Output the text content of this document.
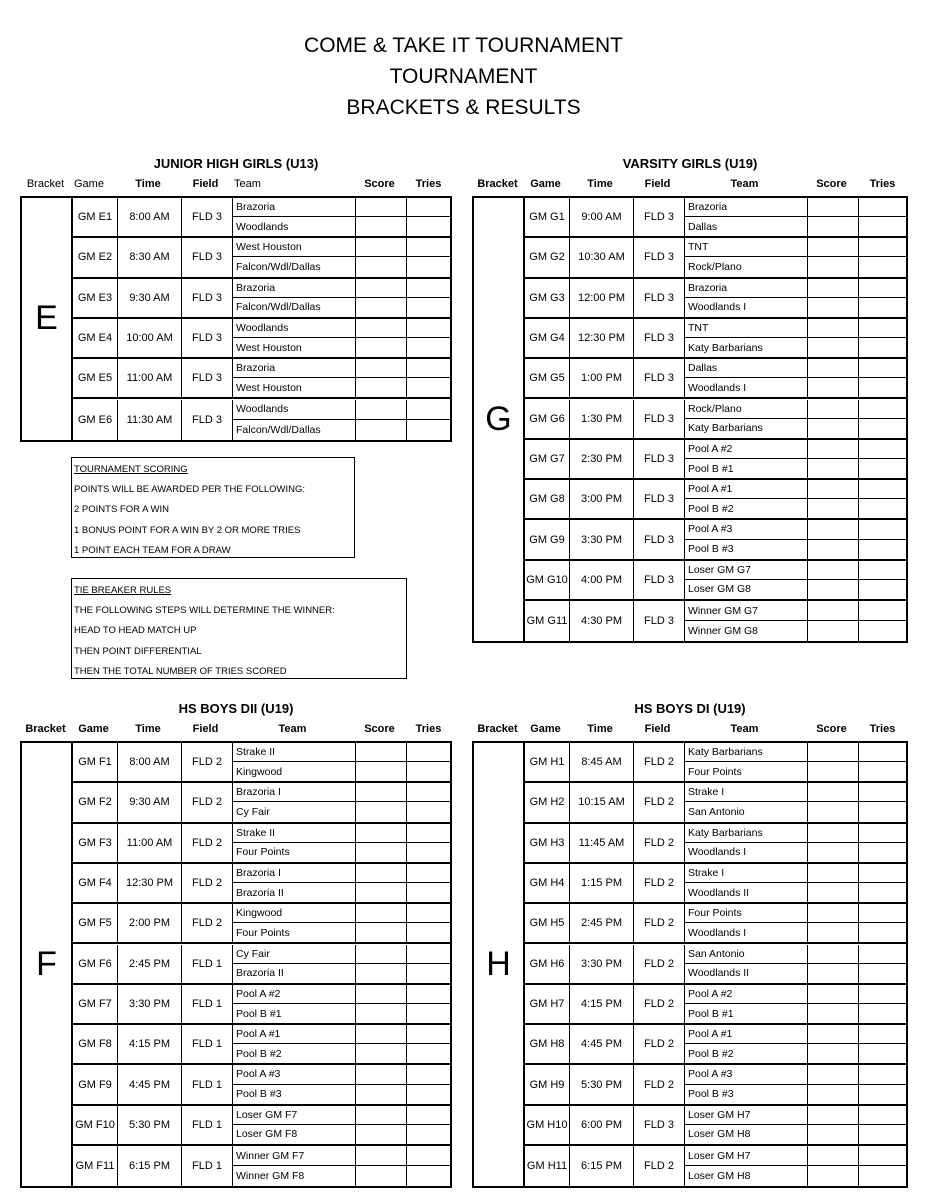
COME & TAKE IT TOURNAMENT
TOURNAMENT
BRACKETS & RESULTS
JUNIOR HIGH GIRLS (U13)
Bracket Game	Time	Field	Team	Score	Tries
E
GM E1	8:00 AM	FLD 3
Brazoria
Woodlands
GM E2	8:30 AM	FLD 3
West Houston
Falcon/Wdl/Dallas
GM E3	9:30 AM	FLD 3
Brazoria
Falcon/Wdl/Dallas
GM E4	10:00 AM	FLD 3
Woodlands
West Houston
GM E5	11:00 AM	FLD 3
Brazoria
West Houston
GM E6	11:30 AM	FLD 3
Woodlands
Falcon/Wdl/Dallas
VARSITY GIRLS (U19)
Bracket	Game	Time	Field	Team	Score	Tries
G
GM G1	9:00 AM	FLD 3
Brazoria
Dallas
GM G2	10:30 AM	FLD 3
TNT
Rock/Plano
GM G3	12:00 PM	FLD 3
Brazoria
Woodlands I
GM G4	12:30 PM	FLD 3
TNT
Katy Barbarians
GM G5	1:00 PM	FLD 3
Dallas
Woodlands I
GM G6	1:30 PM	FLD 3
Rock/Plano
Katy Barbarians
GM G7	2:30 PM	FLD 3
Pool A #2
Pool B #1
GM G8	3:00 PM	FLD 3
Pool A #1
Pool B #2
GM G9	3:30 PM	FLD 3
Pool A #3
Pool B #3
GM G10	4:00 PM	FLD 3
Loser GM G7
Loser GM G8
GM G11	4:30 PM	FLD 3
Winner GM G7
Winner GM G8
HS BOYS DII (U19)
Bracket	Game	Time	Field	Team	Score	Tries
F
GM F1	8:00 AM	FLD 2
Strake II
Kingwood
GM F2	9:30 AM	FLD 2
Brazoria I
Cy Fair
GM F3	11:00 AM	FLD 2
Strake II
Four Points
GM F4	12:30 PM	FLD 2
Brazoria I
Brazoria II
GM F5	2:00 PM	FLD 2
Kingwood
Four Points
GM F6	2:45 PM	FLD 1
Cy Fair
Brazoria II
GM F7	3:30 PM	FLD 1
Pool A #2
Pool B #1
GM F8	4:15 PM	FLD 1
Pool A #1
Pool B #2
GM F9	4:45 PM	FLD 1
Pool A #3
Pool B #3
GM F10	5:30 PM	FLD 1
Loser GM F7
Loser GM F8
GM F11	6:15 PM	FLD 1
Winner GM F7
Winner GM F8
HS BOYS DI (U19)
Bracket	Game	Time	Field	Team	Score	Tries
H
GM H1	8:45 AM	FLD 2
Katy Barbarians
Four Points
GM H2	10:15 AM	FLD 2
Strake I
San Antonio
GM H3	11:45 AM	FLD 2
Katy Barbarians
Woodlands I
GM H4	1:15 PM	FLD 2
Strake I
Woodlands II
GM H5	2:45 PM	FLD 2
Four Points
Woodlands I
GM H6	3:30 PM	FLD 2
San Antonio
Woodlands II
GM H7	4:15 PM	FLD 2
Pool A #2
Pool B #1
GM H8	4:45 PM	FLD 2
Pool A #1
Pool B #2
GM H9	5:30 PM	FLD 2
Pool A #3
Pool B #3
GM H10	6:00 PM	FLD 3
Loser GM H7
Loser GM H8
GM H11	6:15 PM	FLD 2
Loser GM H7
Loser GM H8
TOURNAMENT SCORING
POINTS WILL BE AWARDED PER THE FOLLOWING:
2 POINTS FOR A WIN
1 BONUS POINT FOR A WIN BY 2 OR MORE TRIES
1 POINT EACH TEAM FOR A DRAW
TIE BREAKER RULES
THE FOLLOWING STEPS WILL DETERMINE THE WINNER:
HEAD TO HEAD MATCH UP
THEN POINT DIFFERENTIAL
THEN THE TOTAL NUMBER OF TRIES SCORED
